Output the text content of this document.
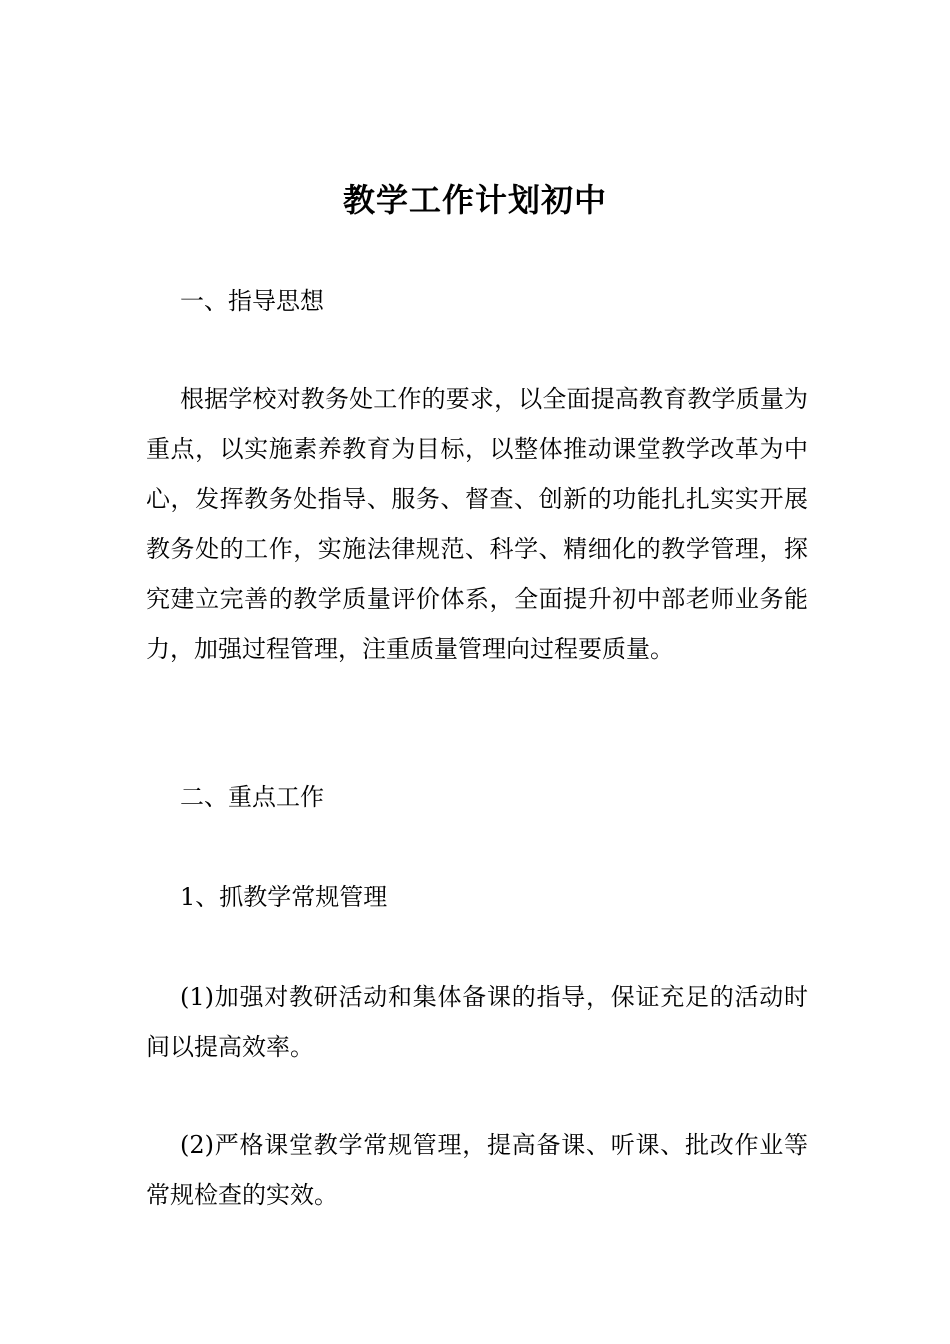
教学工作计划初中
一、指导思想
根据学校对教务处工作的要求，以全面提高教育教学质量为重点，以实施素养教育为目标，以整体推动课堂教学改革为中心，发挥教务处指导、服务、督查、创新的功能扎扎实实开展教务处的工作，实施法律规范、科学、精细化的教学管理，探究建立完善的教学质量评价体系，全面提升初中部老师业务能力，加强过程管理，注重质量管理向过程要质量。
二、重点工作
1、抓教学常规管理
(1)加强对教研活动和集体备课的指导，保证充足的活动时间以提高效率。
(2)严格课堂教学常规管理，提高备课、听课、批改作业等常规检查的实效。
